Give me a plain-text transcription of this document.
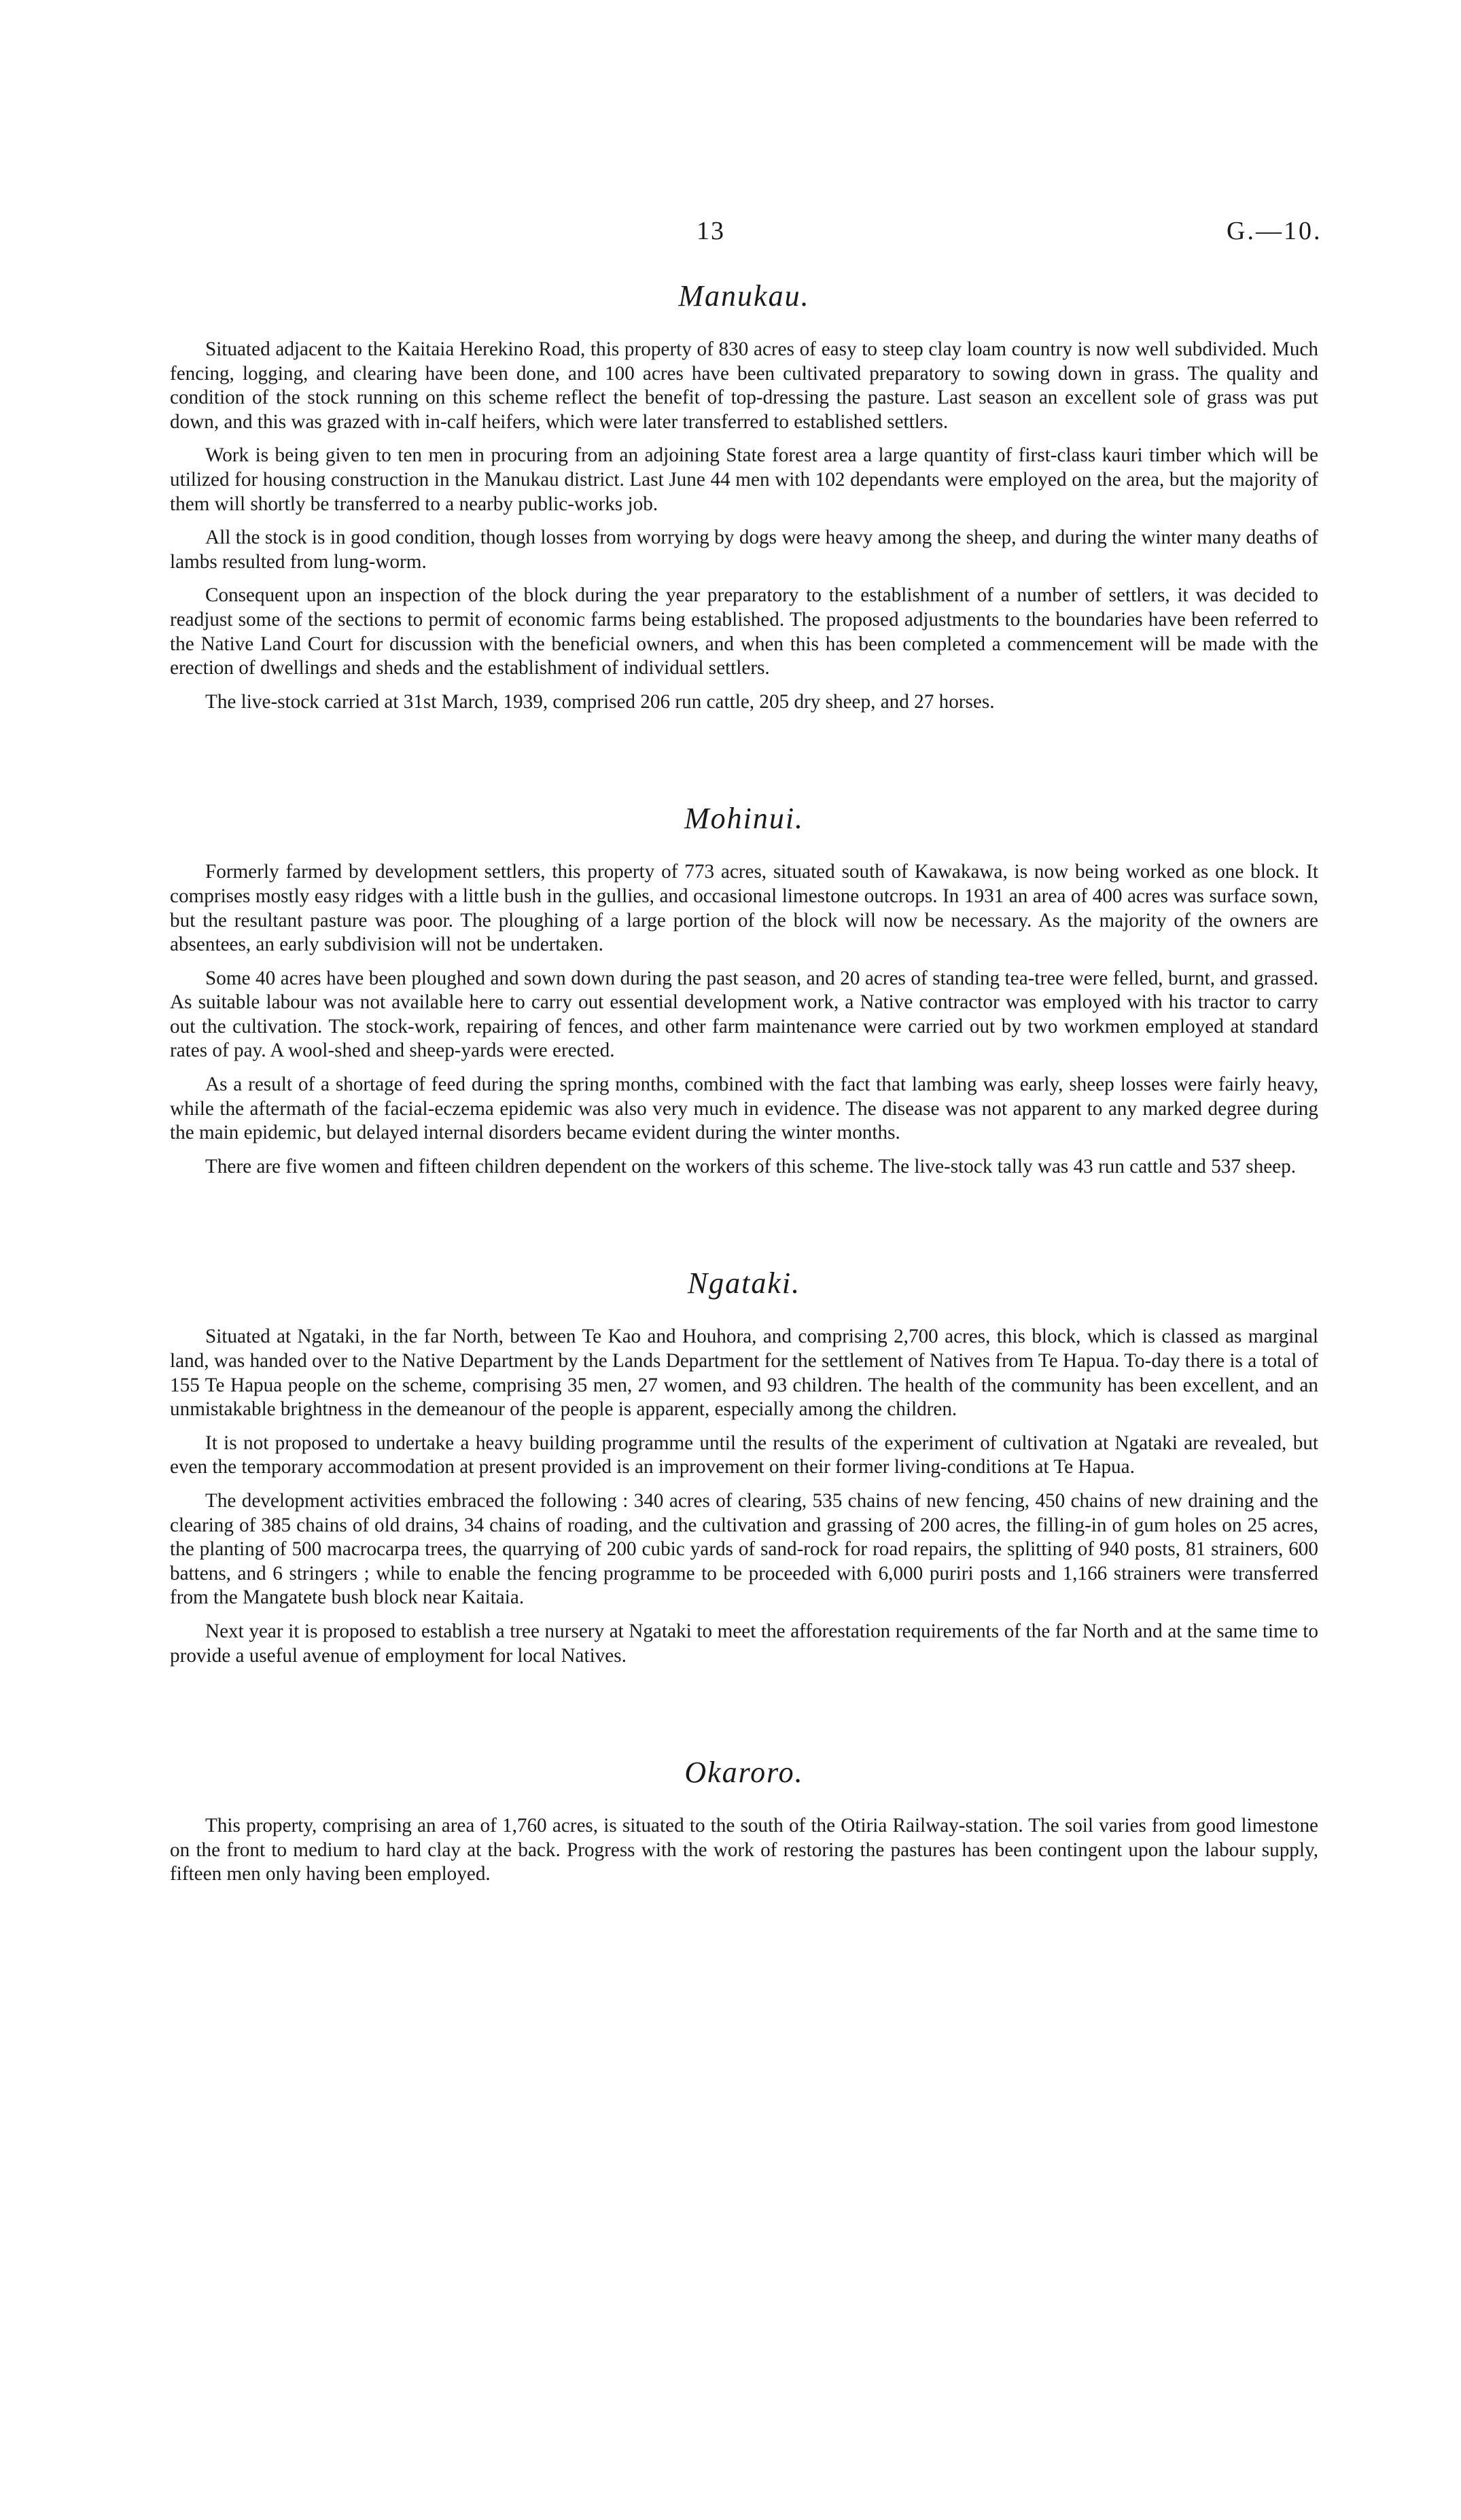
13	G.—10.
Manukau.

Situated adjacent to the Kaitaia Herekino Road, this property of 830 acres of easy to steep clay loam country is now well subdivided. Much fencing, logging, and clearing have been done, and 100 acres have been cultivated preparatory to sowing down in grass. The quality and condition of the stock running on this scheme reflect the benefit of top-dressing the pasture. Last season an excellent sole of grass was put down, and this was grazed with in-calf heifers, which were later transferred to established settlers.

Work is being given to ten men in procuring from an adjoining State forest area a large quantity of first-class kauri timber which will be utilized for housing construction in the Manukau district. Last June 44 men with 102 dependants were employed on the area, but the majority of them will shortly be transferred to a nearby public-works job.

All the stock is in good condition, though losses from worrying by dogs were heavy among the sheep, and during the winter many deaths of lambs resulted from lung-worm.

Consequent upon an inspection of the block during the year preparatory to the establishment of a number of settlers, it was decided to readjust some of the sections to permit of economic farms being established. The proposed adjustments to the boundaries have been referred to the Native Land Court for discussion with the beneficial owners, and when this has been completed a commencement will be made with the erection of dwellings and sheds and the establishment of individual settlers.

The live-stock carried at 31st March, 1939, comprised 206 run cattle, 205 dry sheep, and 27 horses.

Mohinui.

Formerly farmed by development settlers, this property of 773 acres, situated south of Kawakawa, is now being worked as one block. It comprises mostly easy ridges with a little bush in the gullies, and occasional limestone outcrops. In 1931 an area of 400 acres was surface sown, but the resultant pasture was poor. The ploughing of a large portion of the block will now be necessary. As the majority of the owners are absentees, an early subdivision will not be undertaken.

Some 40 acres have been ploughed and sown down during the past season, and 20 acres of standing tea-tree were felled, burnt, and grassed. As suitable labour was not available here to carry out essential development work, a Native contractor was employed with his tractor to carry out the cultivation. The stock-work, repairing of fences, and other farm maintenance were carried out by two workmen employed at standard rates of pay. A wool-shed and sheep-yards were erected.

As a result of a shortage of feed during the spring months, combined with the fact that lambing was early, sheep losses were fairly heavy, while the aftermath of the facial-eczema epidemic was also very much in evidence. The disease was not apparent to any marked degree during the main epidemic, but delayed internal disorders became evident during the winter months.

There are five women and fifteen children dependent on the workers of this scheme. The live-stock tally was 43 run cattle and 537 sheep.

Ngataki.

Situated at Ngataki, in the far North, between Te Kao and Houhora, and comprising 2,700 acres, this block, which is classed as marginal land, was handed over to the Native Department by the Lands Department for the settlement of Natives from Te Hapua. To-day there is a total of 155 Te Hapua people on the scheme, comprising 35 men, 27 women, and 93 children. The health of the community has been excellent, and an unmistakable brightness in the demeanour of the people is apparent, especially among the children.

It is not proposed to undertake a heavy building programme until the results of the experiment of cultivation at Ngataki are revealed, but even the temporary accommodation at present provided is an improvement on their former living-conditions at Te Hapua.

The development activities embraced the following : 340 acres of clearing, 535 chains of new fencing, 450 chains of new draining and the clearing of 385 chains of old drains, 34 chains of roading, and the cultivation and grassing of 200 acres, the filling-in of gum holes on 25 acres, the planting of 500 macrocarpa trees, the quarrying of 200 cubic yards of sand-rock for road repairs, the splitting of 940 posts, 81 strainers, 600 battens, and 6 stringers ; while to enable the fencing programme to be proceeded with 6,000 puriri posts and 1,166 strainers were transferred from the Mangatete bush block near Kaitaia.

Next year it is proposed to establish a tree nursery at Ngataki to meet the afforestation requirements of the far North and at the same time to provide a useful avenue of employment for local Natives.

Okaroro.

This property, comprising an area of 1,760 acres, is situated to the south of the Otiria Railway-station. The soil varies from good limestone on the front to medium to hard clay at the back. Progress with the work of restoring the pastures has been contingent upon the labour supply, fifteen men only having been employed.
